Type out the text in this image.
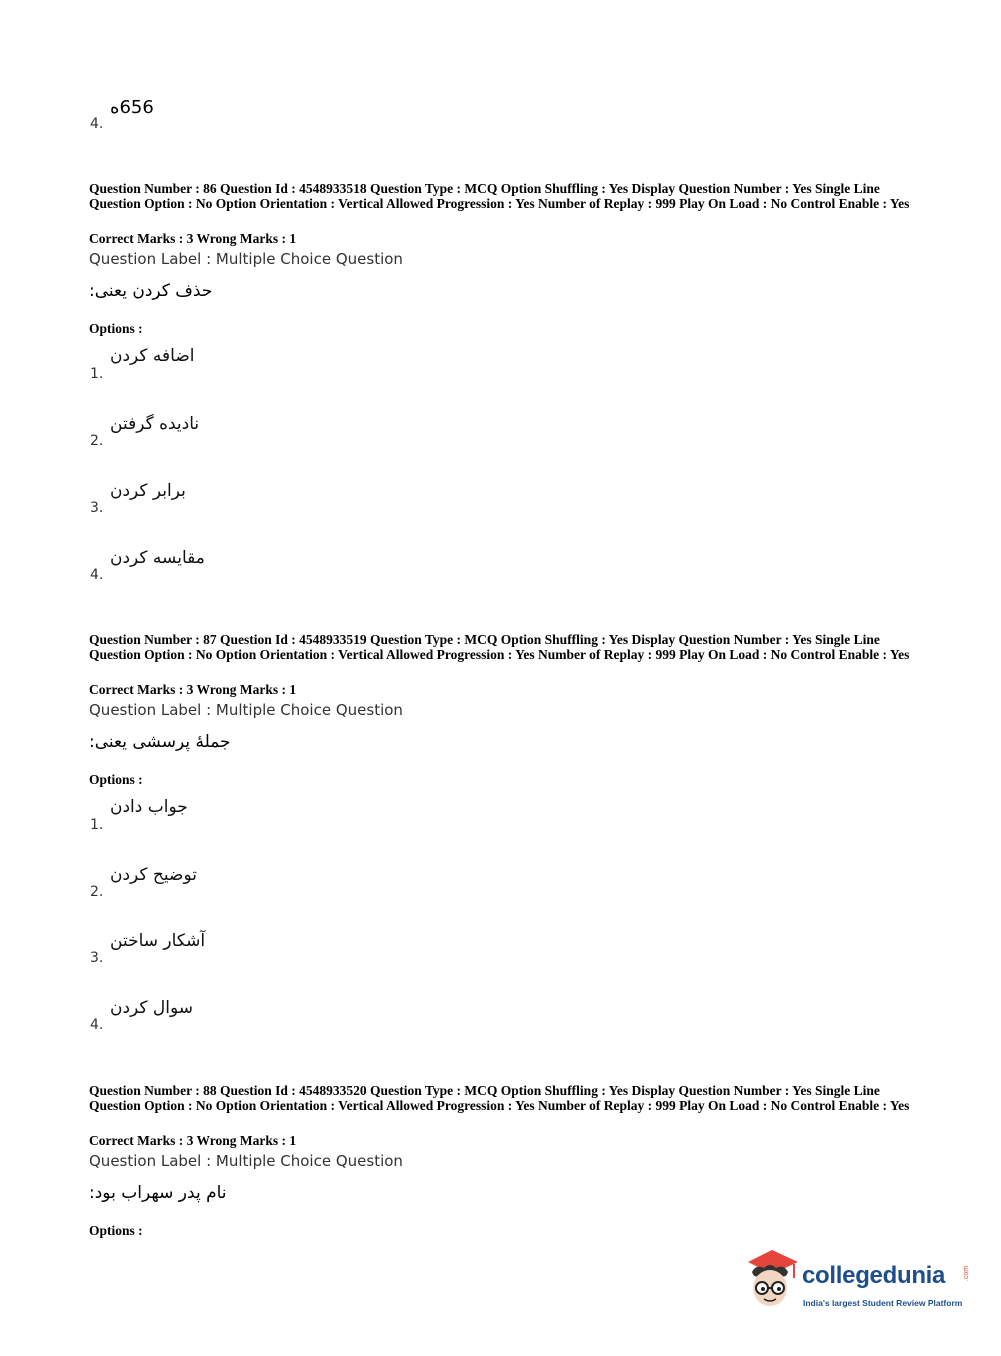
4.
656ه
Question Number : 86 Question Id : 4548933518 Question Type : MCQ Option Shuffling : Yes Display Question Number : Yes Single Line Question Option : No Option Orientation : Vertical Allowed Progression : Yes Number of Replay : 999 Play On Load : No Control Enable : Yes
Correct Marks : 3 Wrong Marks : 1
Question Label : Multiple Choice Question
حذف کردن یعنی:
Options :
1.
اضافه کردن
2.
نادیده گرفتن
3.
برابر کردن
4.
مقایسه کردن
Question Number : 87 Question Id : 4548933519 Question Type : MCQ Option Shuffling : Yes Display Question Number : Yes Single Line Question Option : No Option Orientation : Vertical Allowed Progression : Yes Number of Replay : 999 Play On Load : No Control Enable : Yes
Correct Marks : 3 Wrong Marks : 1
Question Label : Multiple Choice Question
جملهٔ پرسشی یعنی:
Options :
1.
جواب دادن
2.
توضیح کردن
3.
آشکار ساختن
4.
سوال کردن
Question Number : 88 Question Id : 4548933520 Question Type : MCQ Option Shuffling : Yes Display Question Number : Yes Single Line Question Option : No Option Orientation : Vertical Allowed Progression : Yes Number of Replay : 999 Play On Load : No Control Enable : Yes
Correct Marks : 3 Wrong Marks : 1
Question Label : Multiple Choice Question
نام پدر سهراب بود:
Options :
collegedunia	.com
India's largest Student Review Platform
